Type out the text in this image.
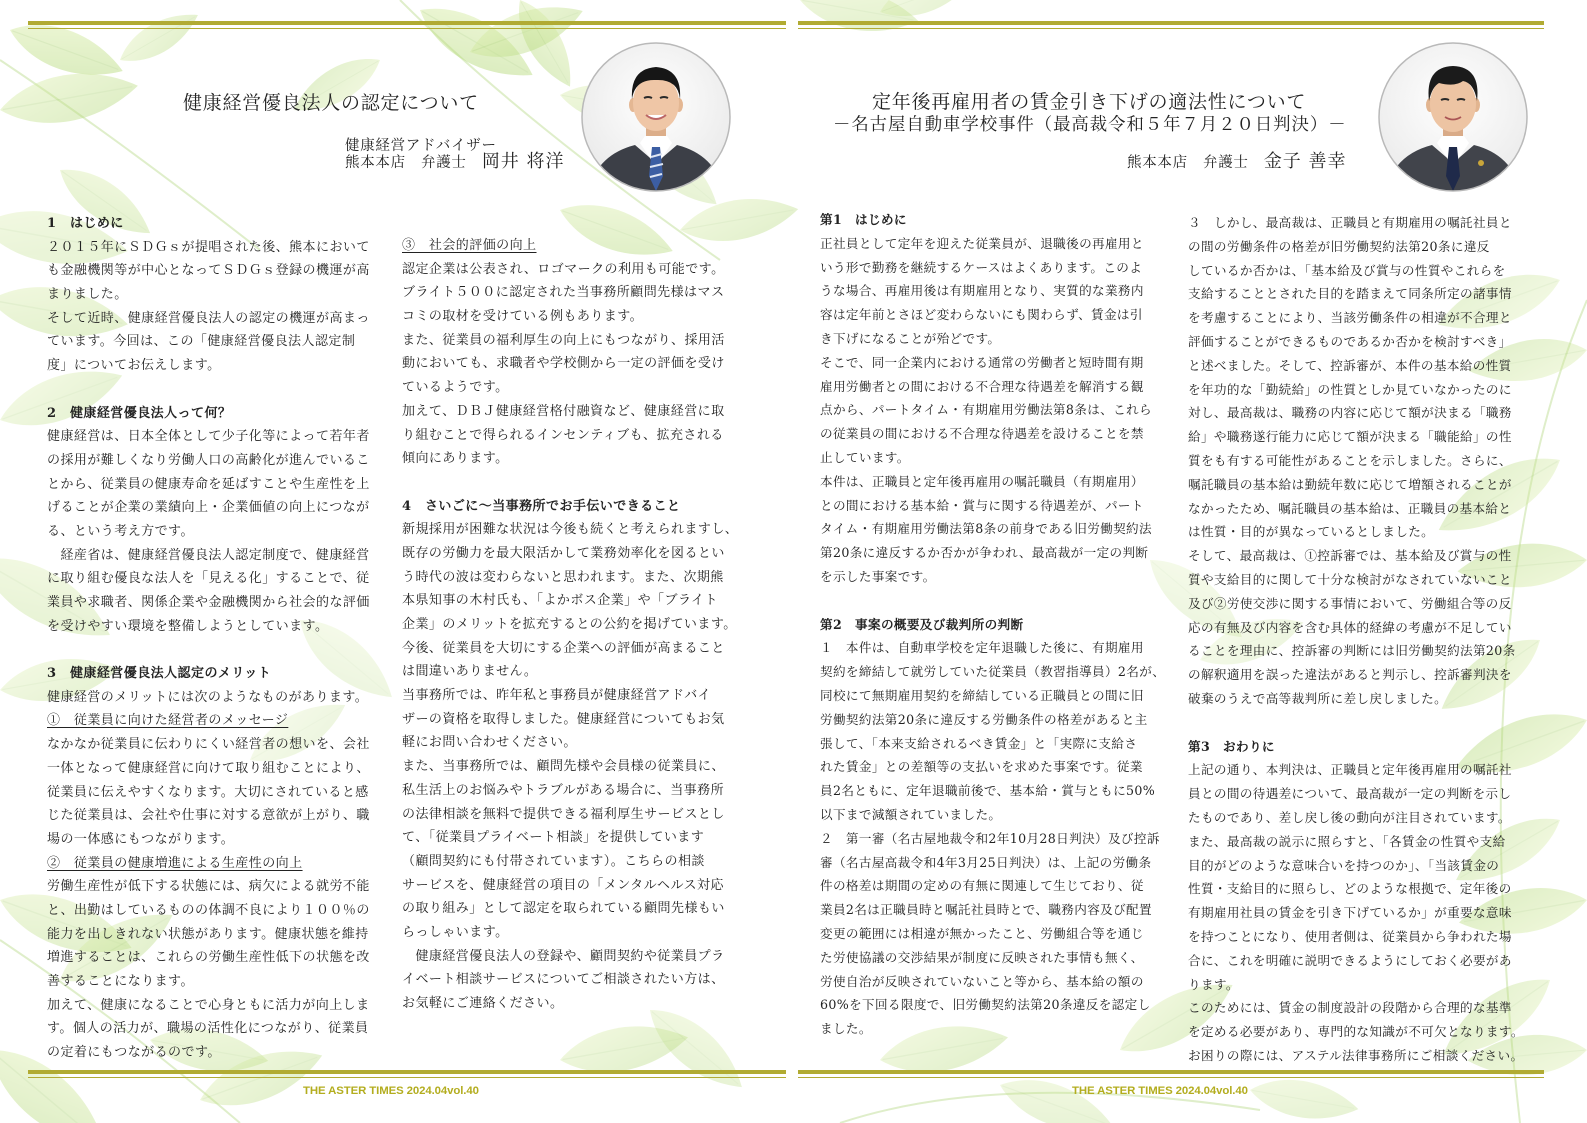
健康経営優良法人の認定について
健康経営アドバイザー
熊本本店　弁護士　岡井 将洋
定年後再雇用者の賃金引き下げの適法性について
－名古屋自動車学校事件（最高裁令和５年７月２０日判決）－
熊本本店　弁護士　金子 善幸
1　はじめに
２０１５年にＳＤＧｓが提唱された後、熊本において
も金融機関等が中心となってＳＤＧｓ登録の機運が高
まりました。
そして近時、健康経営優良法人の認定の機運が高まっ
ています。今回は、この「健康経営優良法人認定制
度」についてお伝えします。
2　健康経営優良法人って何？
健康経営は、日本全体として少子化等によって若年者
の採用が難しくなり労働人口の高齢化が進んでいるこ
とから、従業員の健康寿命を延ばすことや生産性を上
げることが企業の業績向上・企業価値の向上につなが
る、という考え方です。
　経産省は、健康経営優良法人認定制度で、健康経営
に取り組む優良な法人を「見える化」することで、従
業員や求職者、関係企業や金融機関から社会的な評価
を受けやすい環境を整備しようとしています。
3　健康経営優良法人認定のメリット
健康経営のメリットには次のようなものがあります。
①　従業員に向けた経営者のメッセージ
なかなか従業員に伝わりにくい経営者の想いを、会社
一体となって健康経営に向けて取り組むことにより、
従業員に伝えやすくなります。大切にされていると感
じた従業員は、会社や仕事に対する意欲が上がり、職
場の一体感にもつながります。
②　従業員の健康増進による生産性の向上
労働生産性が低下する状態には、病欠による就労不能
と、出勤はしているものの体調不良により１００％の
能力を出しきれない状態があります。健康状態を維持
増進することは、これらの労働生産性低下の状態を改
善することになります。
加えて、健康になることで心身ともに活力が向上しま
す。個人の活力が、職場の活性化につながり、従業員
の定着にもつながるのです。
③　社会的評価の向上
認定企業は公表され、ロゴマークの利用も可能です。
ブライト５００に認定された当事務所顧問先様はマス
コミの取材を受けている例もあります。
また、従業員の福利厚生の向上にもつながり、採用活
動においても、求職者や学校側から一定の評価を受け
ているようです。
加えて、ＤＢＪ健康経営格付融資など、健康経営に取
り組むことで得られるインセンティブも、拡充される
傾向にあります。
4　さいごに～当事務所でお手伝いできること
新規採用が困難な状況は今後も続くと考えられますし、
既存の労働力を最大限活かして業務効率化を図るとい
う時代の波は変わらないと思われます。また、次期熊
本県知事の木村氏も、「よかボス企業」や「ブライト
企業」のメリットを拡充するとの公約を掲げています。
今後、従業員を大切にする企業への評価が高まること
は間違いありません。
当事務所では、昨年私と事務員が健康経営アドバイ
ザーの資格を取得しました。健康経営についてもお気
軽にお問い合わせください。
また、当事務所では、顧問先様や会員様の従業員に、
私生活上のお悩みやトラブルがある場合に、当事務所
の法律相談を無料で提供できる福利厚生サービスとし
て、「従業員プライベート相談」を提供しています
（顧問契約にも付帯されています）。こちらの相談
サービスを、健康経営の項目の「メンタルヘルス対応
の取り組み」として認定を取られている顧問先様もい
らっしゃいます。
　健康経営優良法人の登録や、顧問契約や従業員プラ
イベート相談サービスについてご相談されたい方は、
お気軽にご連絡ください。
第1　はじめに
正社員として定年を迎えた従業員が、退職後の再雇用と
いう形で勤務を継続するケースはよくあります。このよ
うな場合、再雇用後は有期雇用となり、実質的な業務内
容は定年前とさほど変わらないにも関わらず、賃金は引
き下げになることが殆どです。
そこで、同一企業内における通常の労働者と短時間有期
雇用労働者との間における不合理な待遇差を解消する観
点から、パートタイム・有期雇用労働法第8条は、これら
の従業員の間における不合理な待遇差を設けることを禁
止しています。
本件は、正職員と定年後再雇用の嘱託職員（有期雇用）
との間における基本給・賞与に関する待遇差が、パート
タイム・有期雇用労働法第8条の前身である旧労働契約法
第20条に違反するか否かが争われ、最高裁が一定の判断
を示した事案です。
第2　事案の概要及び裁判所の判断
１　本件は、自動車学校を定年退職した後に、有期雇用
契約を締結して就労していた従業員（教習指導員）2名が、
同校にて無期雇用契約を締結している正職員との間に旧
労働契約法第20条に違反する労働条件の格差があると主
張して、「本来支給されるべき賃金」と「実際に支給さ
れた賃金」との差額等の支払いを求めた事案です。従業
員2名ともに、定年退職前後で、基本給・賞与ともに50%
以下まで減額されていました。
２　第一審（名古屋地裁令和2年10月28日判決）及び控訴
審（名古屋高裁令和4年3月25日判決）は、上記の労働条
件の格差は期間の定めの有無に関連して生じており、従
業員2名は正職員時と嘱託社員時とで、職務内容及び配置
変更の範囲には相違が無かったこと、労働組合等を通じ
た労使協議の交渉結果が制度に反映された事情も無く、
労使自治が反映されていないこと等から、基本給の額の
60%を下回る限度で、旧労働契約法第20条違反を認定し
ました。
３　しかし、最高裁は、正職員と有期雇用の嘱託社員と
の間の労働条件の格差が旧労働契約法第20条に違反
しているか否かは、「基本給及び賞与の性質やこれらを
支給することとされた目的を踏まえて同条所定の諸事情
を考慮することにより、当該労働条件の相違が不合理と
評価することができるものであるか否かを検討すべき」
と述べました。そして、控訴審が、本件の基本給の性質
を年功的な「勤続給」の性質としか見ていなかったのに
対し、最高裁は、職務の内容に応じて額が決まる「職務
給」や職務遂行能力に応じて額が決まる「職能給」の性
質をも有する可能性があることを示しました。さらに、
嘱託職員の基本給は勤続年数に応じて増額されることが
なかったため、嘱託職員の基本給は、正職員の基本給と
は性質・目的が異なっているとしました。
そして、最高裁は、①控訴審では、基本給及び賞与の性
質や支給目的に関して十分な検討がなされていないこと
及び②労使交渉に関する事情において、労働組合等の反
応の有無及び内容を含む具体的経緯の考慮が不足してい
ることを理由に、控訴審の判断には旧労働契約法第20条
の解釈適用を誤った違法があると判示し、控訴審判決を
破棄のうえで高等裁判所に差し戻しました。
第3　おわりに
上記の通り、本判決は、正職員と定年後再雇用の嘱託社
員との間の待遇差について、最高裁が一定の判断を示し
たものであり、差し戻し後の動向が注目されています。
また、最高裁の説示に照らすと、「各賃金の性質や支給
目的がどのような意味合いを持つのか」、「当該賃金の
性質・支給目的に照らし、どのような根拠で、定年後の
有期雇用社員の賃金を引き下げているか」が重要な意味
を持つことになり、使用者側は、従業員から争われた場
合に、これを明確に説明できるようにしておく必要があ
ります。
このためには、賃金の制度設計の段階から合理的な基準
を定める必要があり、専門的な知識が不可欠となります。
お困りの際には、アステル法律事務所にご相談ください。
THE ASTER TIMES 2024.04vol.40	THE ASTER TIMES 2024.04vol.40
